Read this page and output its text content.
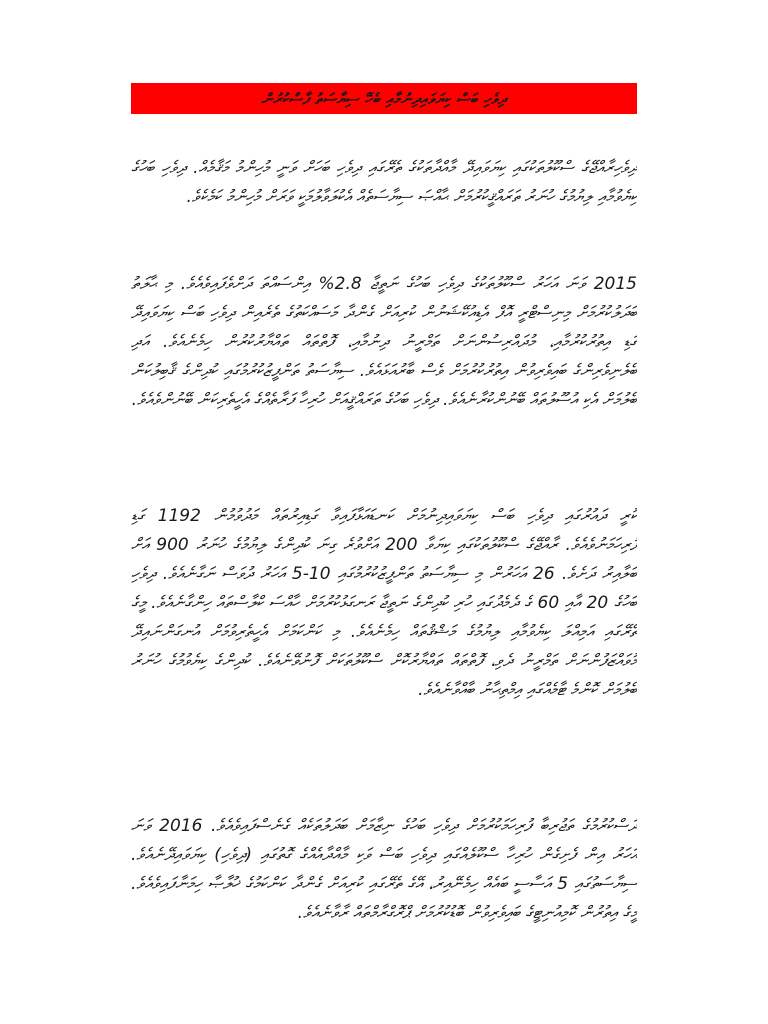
ދިވެހި ބަސް ކިޔަވައިދިނުމާއި ބެހޭ ސިޔާސަތު ފާސްކުރުން

ދިވެހިރާއްޖޭގެ ސްކޫލުތަކުގައި ކިޔަވައިދޭ މާއްދާތަކުގެ ތެރޭގައި ދިވެހި ބަހަށް ވަނީ މުހިންމު މަޤާމެއް. ދިވެހި ބަހުގެ ކިޔެވުމާއި ލިޔުމުގެ ހުނަރު ތަރައްޤީކުރުމަށް ޙާއްޞަ ސިޔާސަތެއް އެކުލަވާލުމަކީ ވަރަށް މުހިންމު ކަމެކެވެ.

2015 ވަނަ އަހަރު ސްކޫލުތަކުގެ ދިވެހި ބަހުގެ ނަތީޖާ 2.8% އިންސައްތަ ދަށްވެފައިވެއެވެ. މި ޙާލަތު ބަދަލުކުރުމަށް މިނިސްޓްރީ އޮފް އެޑިއުކޭޝަނުން ކުރިއަށް ގެންދާ މަސައްކަތުގެ ތެރެއިން ދިވެހި ބަސް ކިޔަވައިދޭ ގަޑި އިތުރުކުރުމާއި، މުދައްރިސުންނަށް ތަމްރީނު ދިނުމާއި، ފޮތްތައް ތައްޔާރުކުރުން ހިމެނެއެވެ. އަދި ބެލެނިވެރިންގެ ބައިވެރިވުން އިތުރުކުރުމަށް ވެސް ބާރުއަޅައެވެ. ސިޔާސަތު ތަންފީޒުކުރުމުގައި ކުދިންގެ ޤާބިލުކަން ބެލުމަށް އެކި އުސޫލުތައް ބޭނުންކުރާނެއެވެ. ދިވެހި ބަހުގެ ތަރައްޤީއަށް ހުރިހާ ފަރާތެއްގެ އެހީތެރިކަން ބޭނުންވެއެވެ.

ކުރީ ދައުރުގައި ދިވެހި ބަސް ކިޔަވައިދިނުމަށް ކަނޑައަޅާފައިވާ ގަޑިއިރުތައް މަދުވުމުން 1192 ގަޑި ފުރިހަމަނުވެއެވެ. ރާއްޖޭގެ ސްކޫލުތަކުގައި ކިޔަވާ 200 އަށްވުރެ ގިނަ ކުދިންގެ ލިޔުމުގެ ހުނަރު 900 އަށް ބަލާއިރު ދަށެވެ. 26 އަހަރުން މި ސިޔާސަތު ތަންފީޒުކުރުމުގައި 10-5 އަހަރު ދުވަސް ނަގާނެއެވެ. ދިވެހި ބަހުގެ 20 އާއި 60 ގެ ދެމެދުގައި ހުރި ކުދިންގެ ނަތީޖާ ރަނގަޅުކުރުމަށް ހާއްސަ ކްލާސްތައް ހިންގާނެއެވެ. މީގެ ތެރޭގައި އަމިއްލަ ކިޔެވުމާއި ލިޔުމުގެ މަޝްޤުތައް ހިމެނެއެވެ. މި ކަންކަމަށް އެހީތެރިވުމަށް އުނގަންނައިދޭ މުވައްޒަފުންނަށް ތަމްރީނު ދެވި، ފޮތްތައް ތައްޔާރުކޮށް ސްކޫލުތަކަށް ފޮނުވޭނެއެވެ. ކުދިންގެ ކިޔެވުމުގެ ހުނަރު ބެލުމަށް ކޮންމެ ޓާމެއްގައި އިމްތިޙާނު ބާއްވާނެއެވެ.

ދަސްކުރުމުގެ ތަޖުރިބާ ފުރިހަމަކުރުމަށް ދިވެހި ބަހުގެ ނިޒާމަށް ބަދަލުތަކެއް ގެނެސްފައިވެއެވެ. 2016 ވަނަ އަހަރު އިން ފެށިގެން ހުރިހާ ސްކޫލެއްގައި ދިވެހި ބަސް ވަކި މާއްދާއެއްގެ ގޮތުގައި (ދިވެހި) ކިޔަވައިދޭނެއެވެ. ސިޔާސަތުގައި 5 އަސާސީ ބައެއް ހިމެނޭއިރު، އޭގެ ތެރޭގައި ކުރިއަށް ގެންދާ ކަންކަމުގެ ޚުލާޞާ ހިމަނާފައިވެއެވެ. މީގެ އިތުރުން ކޮމިއުނިޓީގެ ބައިވެރިވުން ބޮޑުކުރުމަށް ޕްރޮގްރާމްތައް ރާވާނެއެވެ.
